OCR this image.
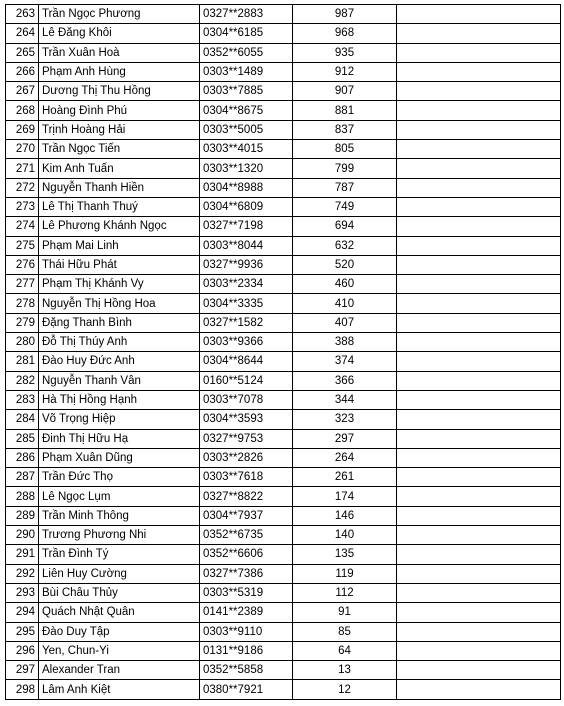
263	Trần Ngọc Phương	0327**2883	987	
264	Lê Đăng Khôi	0304**6185	968	
265	Trần Xuân Hoà	0352**6055	935	
266	Phạm Anh Hùng	0303**1489	912	
267	Dương Thị Thu Hồng	0303**7885	907	
268	Hoàng Đình Phú	0304**8675	881	
269	Trịnh Hoàng Hải	0303**5005	837	
270	Trần Ngọc Tiến	0303**4015	805	
271	Kim Anh Tuấn	0303**1320	799	
272	Nguyễn Thanh Hiền	0304**8988	787	
273	Lê Thị Thanh Thuý	0304**6809	749	
274	Lê Phương Khánh Ngọc	0327**7198	694	
275	Phạm Mai Linh	0303**8044	632	
276	Thái Hữu Phát	0327**9936	520	
277	Phạm Thị Khánh Vy	0303**2334	460	
278	Nguyễn Thị Hồng Hoa	0304**3335	410	
279	Đặng Thanh Bình	0327**1582	407	
280	Đỗ Thị Thúy Anh	0303**9366	388	
281	Đào Huy Đức Anh	0304**8644	374	
282	Nguyễn Thanh Vân	0160**5124	366	
283	Hà Thị Hồng Hạnh	0303**7078	344	
284	Võ Trọng Hiệp	0304**3593	323	
285	Đinh Thị Hữu Hạ	0327**9753	297	
286	Phạm Xuân Dũng	0303**2826	264	
287	Trần Đức Thọ	0303**7618	261	
288	Lê Ngọc Lụm	0327**8822	174	
289	Trần Minh Thông	0304**7937	146	
290	Trương Phương Nhi	0352**6735	140	
291	Trần Đình Tý	0352**6606	135	
292	Liên Huy Cường	0327**7386	119	
293	Bùi Châu Thủy	0303**5319	112	
294	Quách Nhật Quân	0141**2389	91	
295	Đào Duy Tập	0303**9110	85	
296	Yen, Chun-Yi	0131**9186	64	
297	Alexander Tran	0352**5858	13	
298	Lâm Anh Kiệt	0380**7921	12	
